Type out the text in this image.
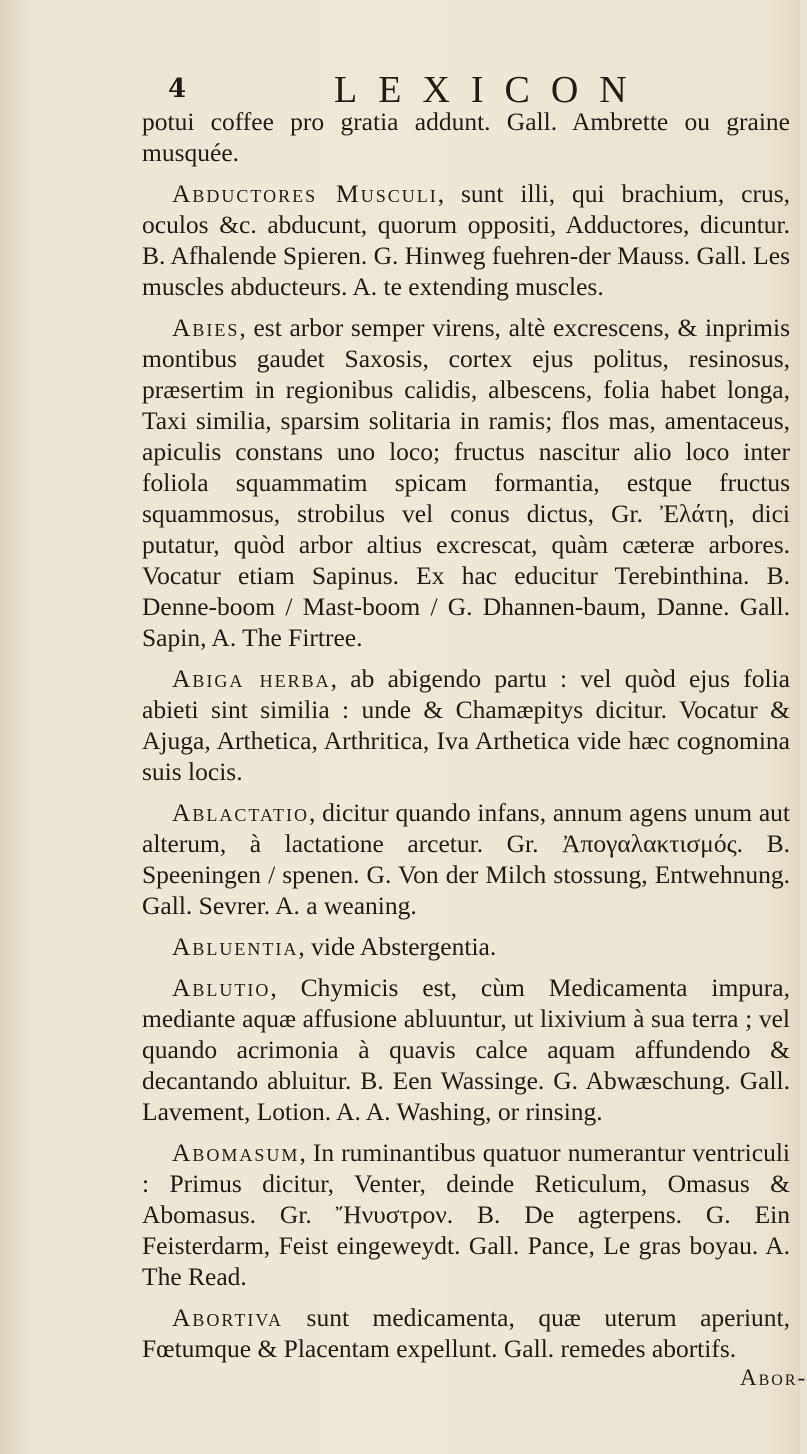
4	LEXICON

potui coffee pro gratia addunt. Gall. Ambrette ou graine musquée.

Abductores Musculi, sunt illi, qui brachium, crus, oculos &c. abducunt, quorum oppositi, Adductores, dicuntur. B. Afhalende Spieren. G. Hinweg fuehren-der Mauss. Gall. Les muscles abducteurs. A. te extending muscles.

Abies, est arbor semper virens, altè excrescens, & inprimis montibus gaudet Saxosis, cortex ejus politus, resinosus, præsertim in regionibus calidis, albescens, folia habet longa, Taxi similia, sparsim solitaria in ramis; flos mas, amentaceus, apiculis constans uno loco; fructus nascitur alio loco inter foliola squammatim spicam formantia, estque fructus squammosus, strobilus vel conus dictus, Gr. Ἐλάτη, dici putatur, quòd arbor altius excrescat, quàm cæteræ arbores. Vocatur etiam Sapinus. Ex hac educitur Terebinthina. B. Denne-boom / Mast-boom / G. Dhannen-baum, Danne. Gall. Sapin, A. The Firtree.

Abiga herba, ab abigendo partu : vel quòd ejus folia abieti sint similia : unde & Chamæpitys dicitur. Vocatur & Ajuga, Arthetica, Arthritica, Iva Arthetica vide hæc cognomina suis locis.

Ablactatio, dicitur quando infans, annum agens unum aut alterum, à lactatione arcetur. Gr. Ἀπογαλακτισμός. B. Speeningen / spenen. G. Von der Milch stossung, Entwehnung. Gall. Sevrer. A. a weaning.

Abluentia, vide Abstergentia.

Ablutio, Chymicis est, cùm Medicamenta impura, mediante aquæ affusione abluuntur, ut lixivium à sua terra ; vel quando acrimonia à quavis calce aquam affundendo & decantando abluitur. B. Een Wassinge. G. Abwæschung. Gall. Lavement, Lotion. A. A. Washing, or rinsing.

Abomasum, In ruminantibus quatuor numerantur ventriculi : Primus dicitur, Venter, deinde Reticulum, Omasus & Abomasus. Gr. Ἤνυστρον. B. De agterpens. G. Ein Feisterdarm, Feist eingeweydt. Gall. Pance, Le gras boyau. A. The Read.

Abortiva sunt medicamenta, quæ uterum aperiunt, Fœtumque & Placentam expellunt. Gall. remedes abortifs.

Abor-
